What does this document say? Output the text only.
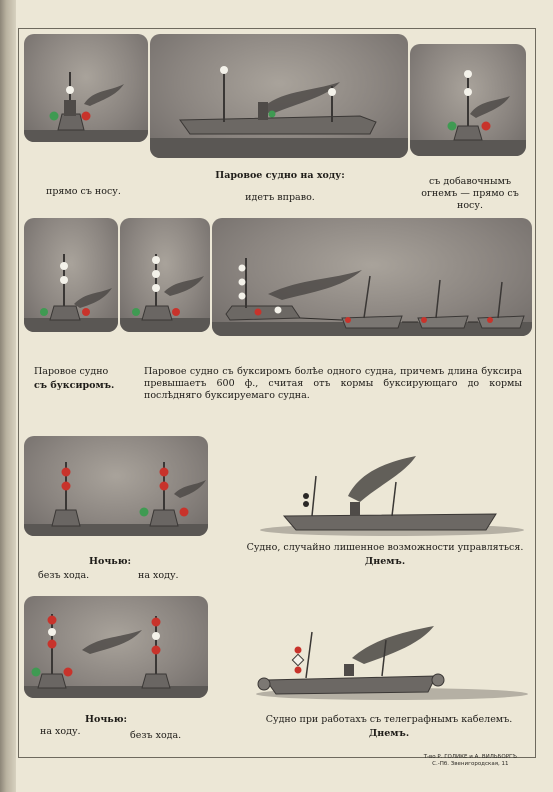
прямо съ носу.
Паровое судно на ходу:
идетъ вправо.
съ добавочнымъ огнемъ — прямо съ носу.
Паровое судно
съ буксиромъ.
Паровое судно съ буксиромъ болѣе одного судна, причемъ длина буксира превышаетъ 600 ф., считая отъ кормы буксирующаго до кормы послѣдняго буксируемаго судна.
Ночью:
безъ хода.	на ходу.
Судно, случайно лишенное возможности управляться.
Днемъ.
Ночью:
на ходу.	безъ хода.
Судно при работахъ съ телеграфнымъ кабелемъ.
Днемъ.
Т-во Р. ГОЛИКЕ и А. ВИЛЬБОРГЪ
С.-Пб. Звенигородская, 11
